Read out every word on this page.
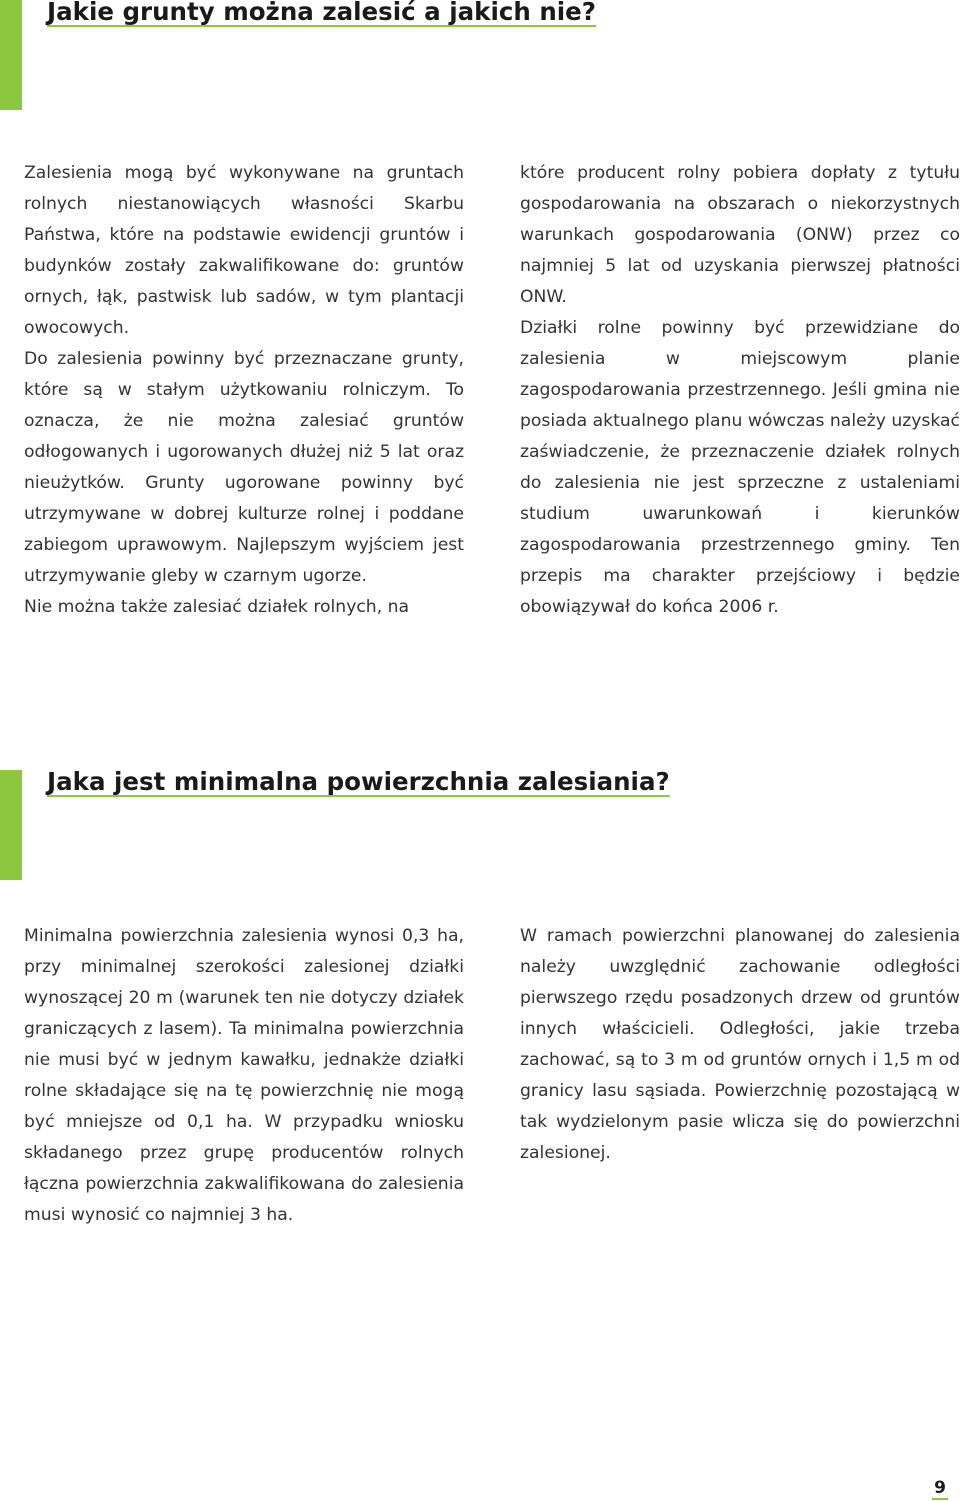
Jakie grunty można zalesić a jakich nie?

Zalesienia mogą być wykonywane na gruntach rolnych niestanowiących własności Skarbu Państwa, które na podstawie ewidencji gruntów i budynków zostały zakwalifikowane do: gruntów ornych, łąk, pastwisk lub sadów, w tym plantacji owocowych.

Do zalesienia powinny być przeznaczane grunty, które są w stałym użytkowaniu rolniczym. To oznacza, że nie można zalesiać gruntów odłogowanych i ugorowanych dłużej niż 5 lat oraz nieużytków. Grunty ugorowane powinny być utrzymywane w dobrej kulturze rolnej i poddane zabiegom uprawowym. Najlepszym wyjściem jest utrzymywanie gleby w czarnym ugorze.

Nie można także zalesiać działek rolnych, na

które producent rolny pobiera dopłaty z tytułu gospodarowania na obszarach o niekorzystnych warunkach gospodarowania (ONW) przez co najmniej 5 lat od uzyskania pierwszej płatności ONW.

Działki rolne powinny być przewidziane do zalesienia w miejscowym planie zagospodarowania przestrzennego. Jeśli gmina nie posiada aktualnego planu wówczas należy uzyskać zaświadczenie, że przeznaczenie działek rolnych do zalesienia nie jest sprzeczne z ustaleniami studium uwarunkowań i kierunków zagospodarowania przestrzennego gminy. Ten przepis ma charakter przejściowy i będzie obowiązywał do końca 2006 r.

Jaka jest minimalna powierzchnia zalesiania?

Minimalna powierzchnia zalesienia wynosi 0,3 ha, przy minimalnej szerokości zalesionej działki wynoszącej 20 m (warunek ten nie dotyczy działek graniczących z lasem). Ta minimalna powierzchnia nie musi być w jednym kawałku, jednakże działki rolne składające się na tę powierzchnię nie mogą być mniejsze od 0,1 ha. W przypadku wniosku składanego przez grupę producentów rolnych łączna powierzchnia zakwalifikowana do zalesienia musi wynosić co najmniej 3 ha.

W ramach powierzchni planowanej do zalesienia należy uwzględnić zachowanie odległości pierwszego rzędu posadzonych drzew od gruntów innych właścicieli. Odległości, jakie trzeba zachować, są to 3 m od gruntów ornych i 1,5 m od granicy lasu sąsiada. Powierzchnię pozostającą w tak wydzielonym pasie wlicza się do powierzchni zalesionej.

9
